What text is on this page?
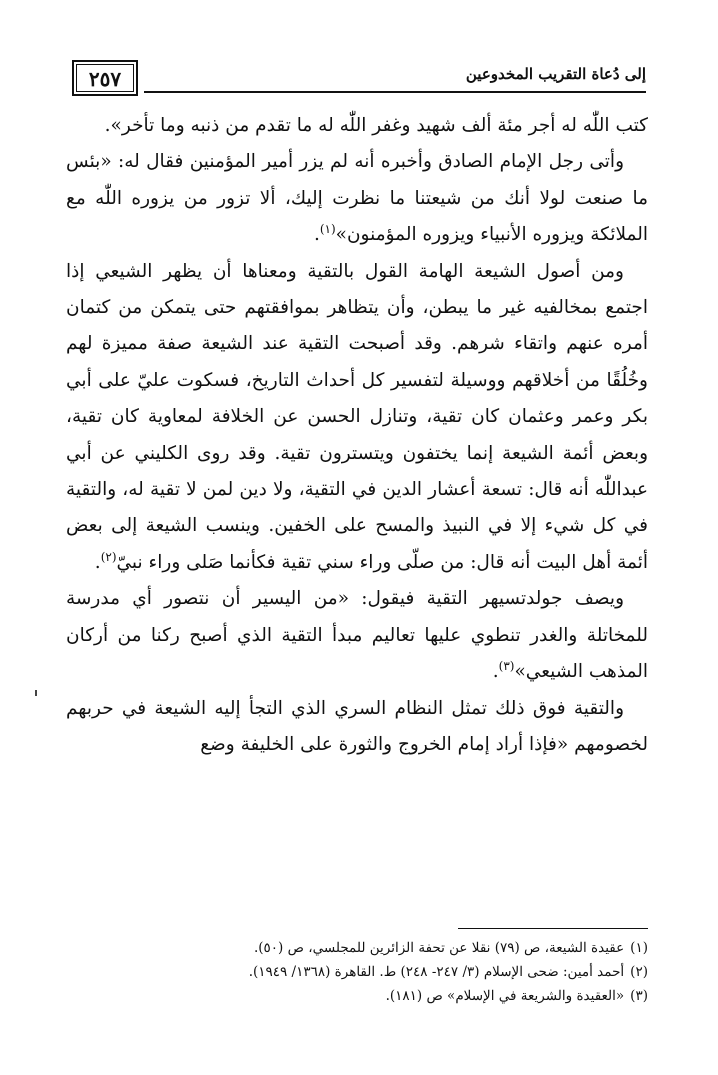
إلى دُعاة التقريب المخدوعين
٢٥٧

كتب اللّٰه له أجر مئة ألف شهيد وغفر اللّٰه له ما تقدم من ذنبه وما تأخر».

وأتى رجل الإمام الصادق وأخبره أنه لم يزر أمير المؤمنين فقال له: «بئس ما صنعت لولا أنك من شيعتنا ما نظرت إليك، ألا تزور من يزوره اللّٰه مع الملائكة ويزوره الأنبياء ويزوره المؤمنون»$^{(١)}$.

ومن أصول الشيعة الهامة القول بالتقية ومعناها أن يظهر الشيعي إذا اجتمع بمخالفيه غير ما يبطن، وأن يتظاهر بموافقتهم حتى يتمكن من كتمان أمره عنهم واتقاء شرهم. وقد أصبحت التقية عند الشيعة صفة مميزة لهم وخُلُقًا من أخلاقهم ووسيلة لتفسير كل أحداث التاريخ، فسكوت عليّ على أبي بكر وعمر وعثمان كان تقية، وتنازل الحسن عن الخلافة لمعاوية كان تقية، وبعض أئمة الشيعة إنما يختفون ويتسترون تقية. وقد روى الكليني عن أبي عبداللّٰه أنه قال: تسعة أعشار الدين في التقية، ولا دين لمن لا تقية له، والتقية في كل شيء إلا في النبيذ والمسح على الخفين. وينسب الشيعة إلى بعض أئمة أهل البيت أنه قال: من صلّى وراء سني تقية فكأنما صَلى وراء نبيّ$^{(٢)}$.

ويصف جولدتسيهر التقية فيقول: «من اليسير أن نتصور أي مدرسة للمخاتلة والغدر تنطوي عليها تعاليم مبدأ التقية الذي أصبح ركنا من أركان المذهب الشيعي»$^{(٣)}$.

والتقية فوق ذلك تمثل النظام السري الذي التجأ إليه الشيعة في حربهم لخصومهم «فإذا أراد إمام الخروج والثورة على الخليفة وضع

(١)عقيدة الشيعة، ص (٧٩) نقلا عن تحفة الزائرين للمجلسي، ص (٥٠).

(٢)أحمد أمين: ضحى الإسلام (٣/ ٢٤٧- ٢٤٨) ط. القاهرة (١٣٦٨/ ١٩٤٩).

(٣)«العقيدة والشريعة في الإسلام» ص (١٨١).
